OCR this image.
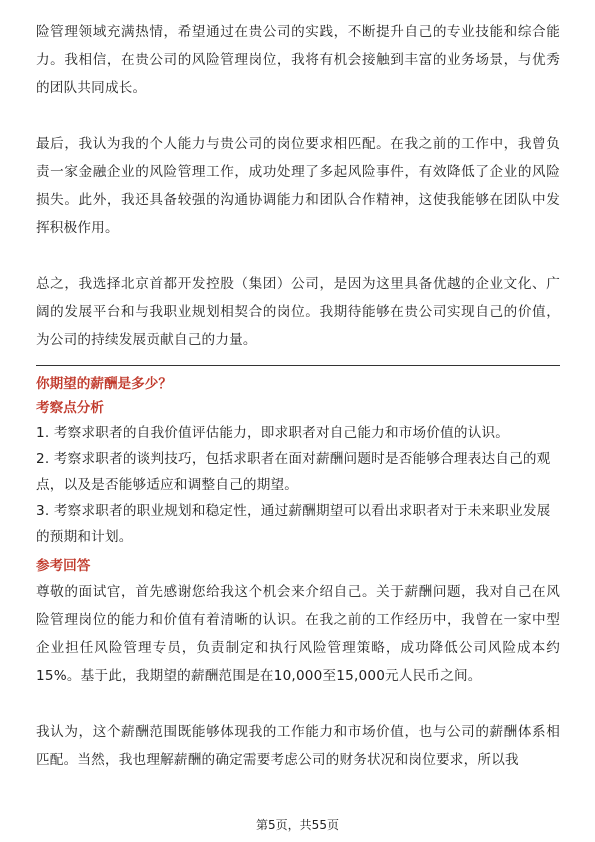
险管理领域充满热情，希望通过在贵公司的实践，不断提升自己的专业技能和综合能力。我相信，在贵公司的风险管理岗位，我将有机会接触到丰富的业务场景，与优秀的团队共同成长。

最后，我认为我的个人能力与贵公司的岗位要求相匹配。在我之前的工作中，我曾负责一家金融企业的风险管理工作，成功处理了多起风险事件，有效降低了企业的风险损失。此外，我还具备较强的沟通协调能力和团队合作精神，这使我能够在团队中发挥积极作用。

总之，我选择北京首都开发控股（集团）公司，是因为这里具备优越的企业文化、广阔的发展平台和与我职业规划相契合的岗位。我期待能够在贵公司实现自己的价值，为公司的持续发展贡献自己的力量。

你期望的薪酬是多少？

考察点分析

1. 考察求职者的自我价值评估能力，即求职者对自己能力和市场价值的认识。

2. 考察求职者的谈判技巧，包括求职者在面对薪酬问题时是否能够合理表达自己的观点，以及是否能够适应和调整自己的期望。

3. 考察求职者的职业规划和稳定性，通过薪酬期望可以看出求职者对于未来职业发展的预期和计划。

参考回答

尊敬的面试官，首先感谢您给我这个机会来介绍自己。关于薪酬问题，我对自己在风险管理岗位的能力和价值有着清晰的认识。在我之前的工作经历中，我曾在一家中型企业担任风险管理专员，负责制定和执行风险管理策略，成功降低公司风险成本约15%。基于此，我期望的薪酬范围是在10,000至15,000元人民币之间。

我认为，这个薪酬范围既能够体现我的工作能力和市场价值，也与公司的薪酬体系相匹配。当然，我也理解薪酬的确定需要考虑公司的财务状况和岗位要求，所以我

第5页，共55页
